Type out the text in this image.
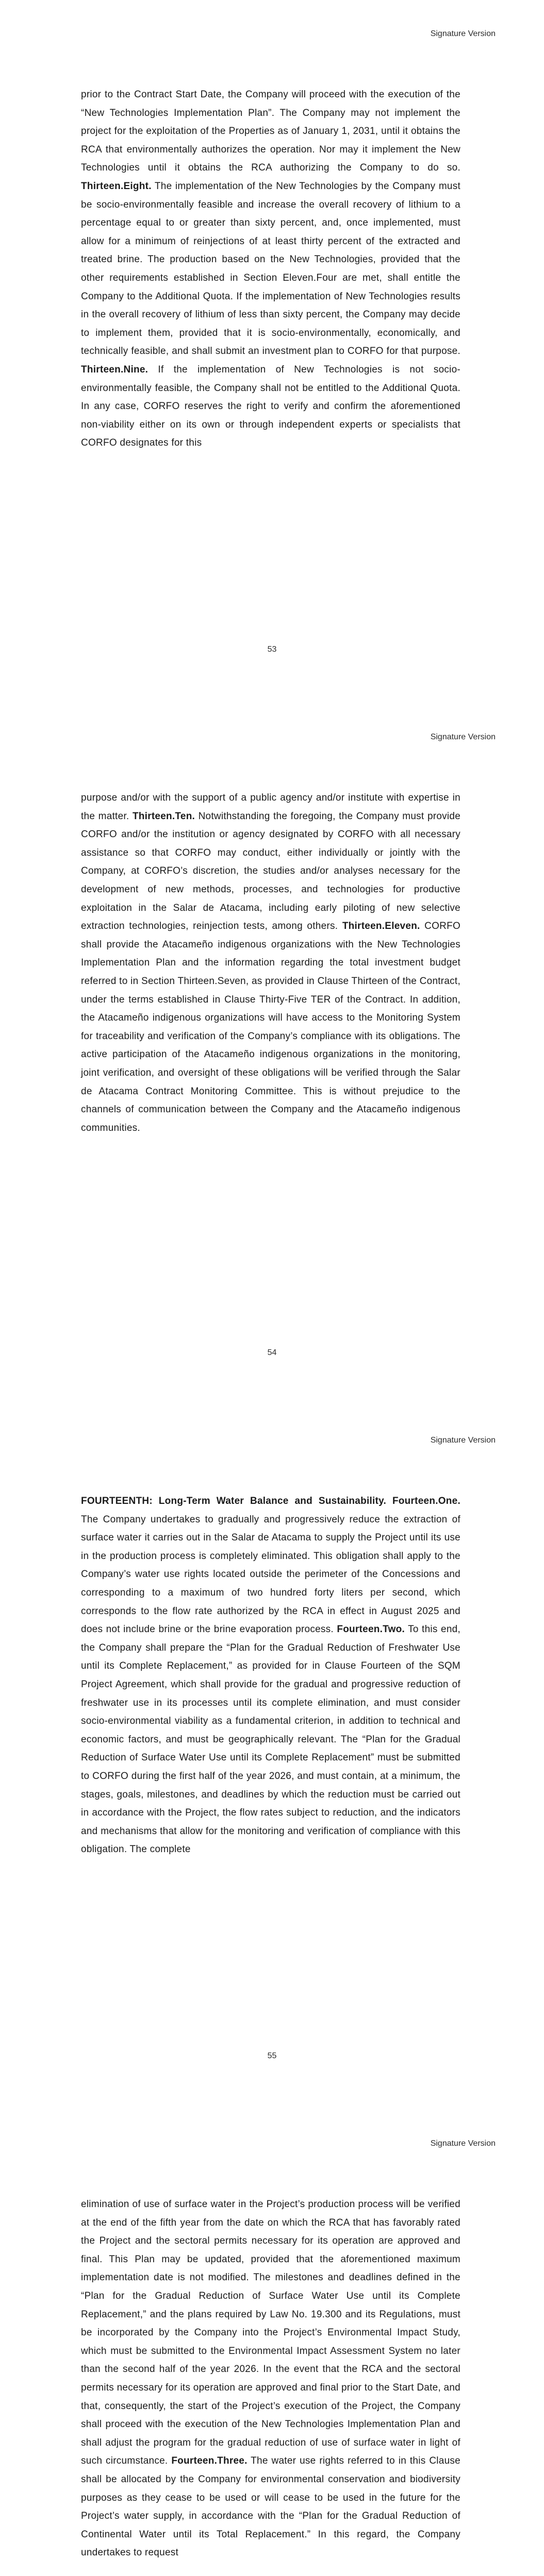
Signature Version

prior to the Contract Start Date, the Company will proceed with the execution of the “New Technologies Implementation Plan”. The Company may not implement the project for the exploitation of the Properties as of January 1, 2031, until it obtains the RCA that environmentally authorizes the operation. Nor may it implement the New Technologies until it obtains the RCA authorizing the Company to do so. Thirteen.Eight. The implementation of the New Technologies by the Company must be socio-environmentally feasible and increase the overall recovery of lithium to a percentage equal to or greater than sixty percent, and, once implemented, must allow for a minimum of reinjections of at least thirty percent of the extracted and treated brine. The production based on the New Technologies, provided that the other requirements established in Section Eleven.Four are met, shall entitle the Company to the Additional Quota. If the implementation of New Technologies results in the overall recovery of lithium of less than sixty percent, the Company may decide to implement them, provided that it is socio-environmentally, economically, and technically feasible, and shall submit an investment plan to CORFO for that purpose. Thirteen.Nine. If the implementation of New Technologies is not socio-environmentally feasible, the Company shall not be entitled to the Additional Quota. In any case, CORFO reserves the right to verify and confirm the aforementioned non-viability either on its own or through independent experts or specialists that CORFO designates for this

53
Signature Version

purpose and/or with the support of a public agency and/or institute with expertise in the matter. Thirteen.Ten. Notwithstanding the foregoing, the Company must provide CORFO and/or the institution or agency designated by CORFO with all necessary assistance so that CORFO may conduct, either individually or jointly with the Company, at CORFO’s discretion, the studies and/or analyses necessary for the development of new methods, processes, and technologies for productive exploitation in the Salar de Atacama, including early piloting of new selective extraction technologies, reinjection tests, among others. Thirteen.Eleven. CORFO shall provide the Atacameño indigenous organizations with the New Technologies Implementation Plan and the information regarding the total investment budget referred to in Section Thirteen.Seven, as provided in Clause Thirteen of the Contract, under the terms established in Clause Thirty-Five TER of the Contract. In addition, the Atacameño indigenous organizations will have access to the Monitoring System for traceability and verification of the Company’s compliance with its obligations. The active participation of the Atacameño indigenous organizations in the monitoring, joint verification, and oversight of these obligations will be verified through the Salar de Atacama Contract Monitoring Committee. This is without prejudice to the channels of communication between the Company and the Atacameño indigenous communities.

54
Signature Version

FOURTEENTH: Long-Term Water Balance and Sustainability. Fourteen.One. The Company undertakes to gradually and progressively reduce the extraction of surface water it carries out in the Salar de Atacama to supply the Project until its use in the production process is completely eliminated. This obligation shall apply to the Company’s water use rights located outside the perimeter of the Concessions and corresponding to a maximum of two hundred forty liters per second, which corresponds to the flow rate authorized by the RCA in effect in August 2025 and does not include brine or the brine evaporation process. Fourteen.Two. To this end, the Company shall prepare the “Plan for the Gradual Reduction of Freshwater Use until its Complete Replacement,” as provided for in Clause Fourteen of the SQM Project Agreement, which shall provide for the gradual and progressive reduction of freshwater use in its processes until its complete elimination, and must consider socio-environmental viability as a fundamental criterion, in addition to technical and economic factors, and must be geographically relevant. The “Plan for the Gradual Reduction of Surface Water Use until its Complete Replacement” must be submitted to CORFO during the first half of the year 2026, and must contain, at a minimum, the stages, goals, milestones, and deadlines by which the reduction must be carried out in accordance with the Project, the flow rates subject to reduction, and the indicators and mechanisms that allow for the monitoring and verification of compliance with this obligation. The complete

55
Signature Version

elimination of use of surface water in the Project’s production process will be verified at the end of the fifth year from the date on which the RCA that has favorably rated the Project and the sectoral permits necessary for its operation are approved and final. This Plan may be updated, provided that the aforementioned maximum implementation date is not modified. The milestones and deadlines defined in the “Plan for the Gradual Reduction of Surface Water Use until its Complete Replacement,” and the plans required by Law No. 19.300 and its Regulations, must be incorporated by the Company into the Project’s Environmental Impact Study, which must be submitted to the Environmental Impact Assessment System no later than the second half of the year 2026. In the event that the RCA and the sectoral permits necessary for its operation are approved and final prior to the Start Date, and that, consequently, the start of the Project’s execution of the Project, the Company shall proceed with the execution of the New Technologies Implementation Plan and shall adjust the program for the gradual reduction of use of surface water in light of such circumstance. Fourteen.Three. The water use rights referred to in this Clause shall be allocated by the Company for environmental conservation and biodiversity purposes as they cease to be used or will cease to be used in the future for the Project’s water supply, in accordance with the “Plan for the Gradual Reduction of Continental Water until its Total Replacement.” In this regard, the Company undertakes to request
